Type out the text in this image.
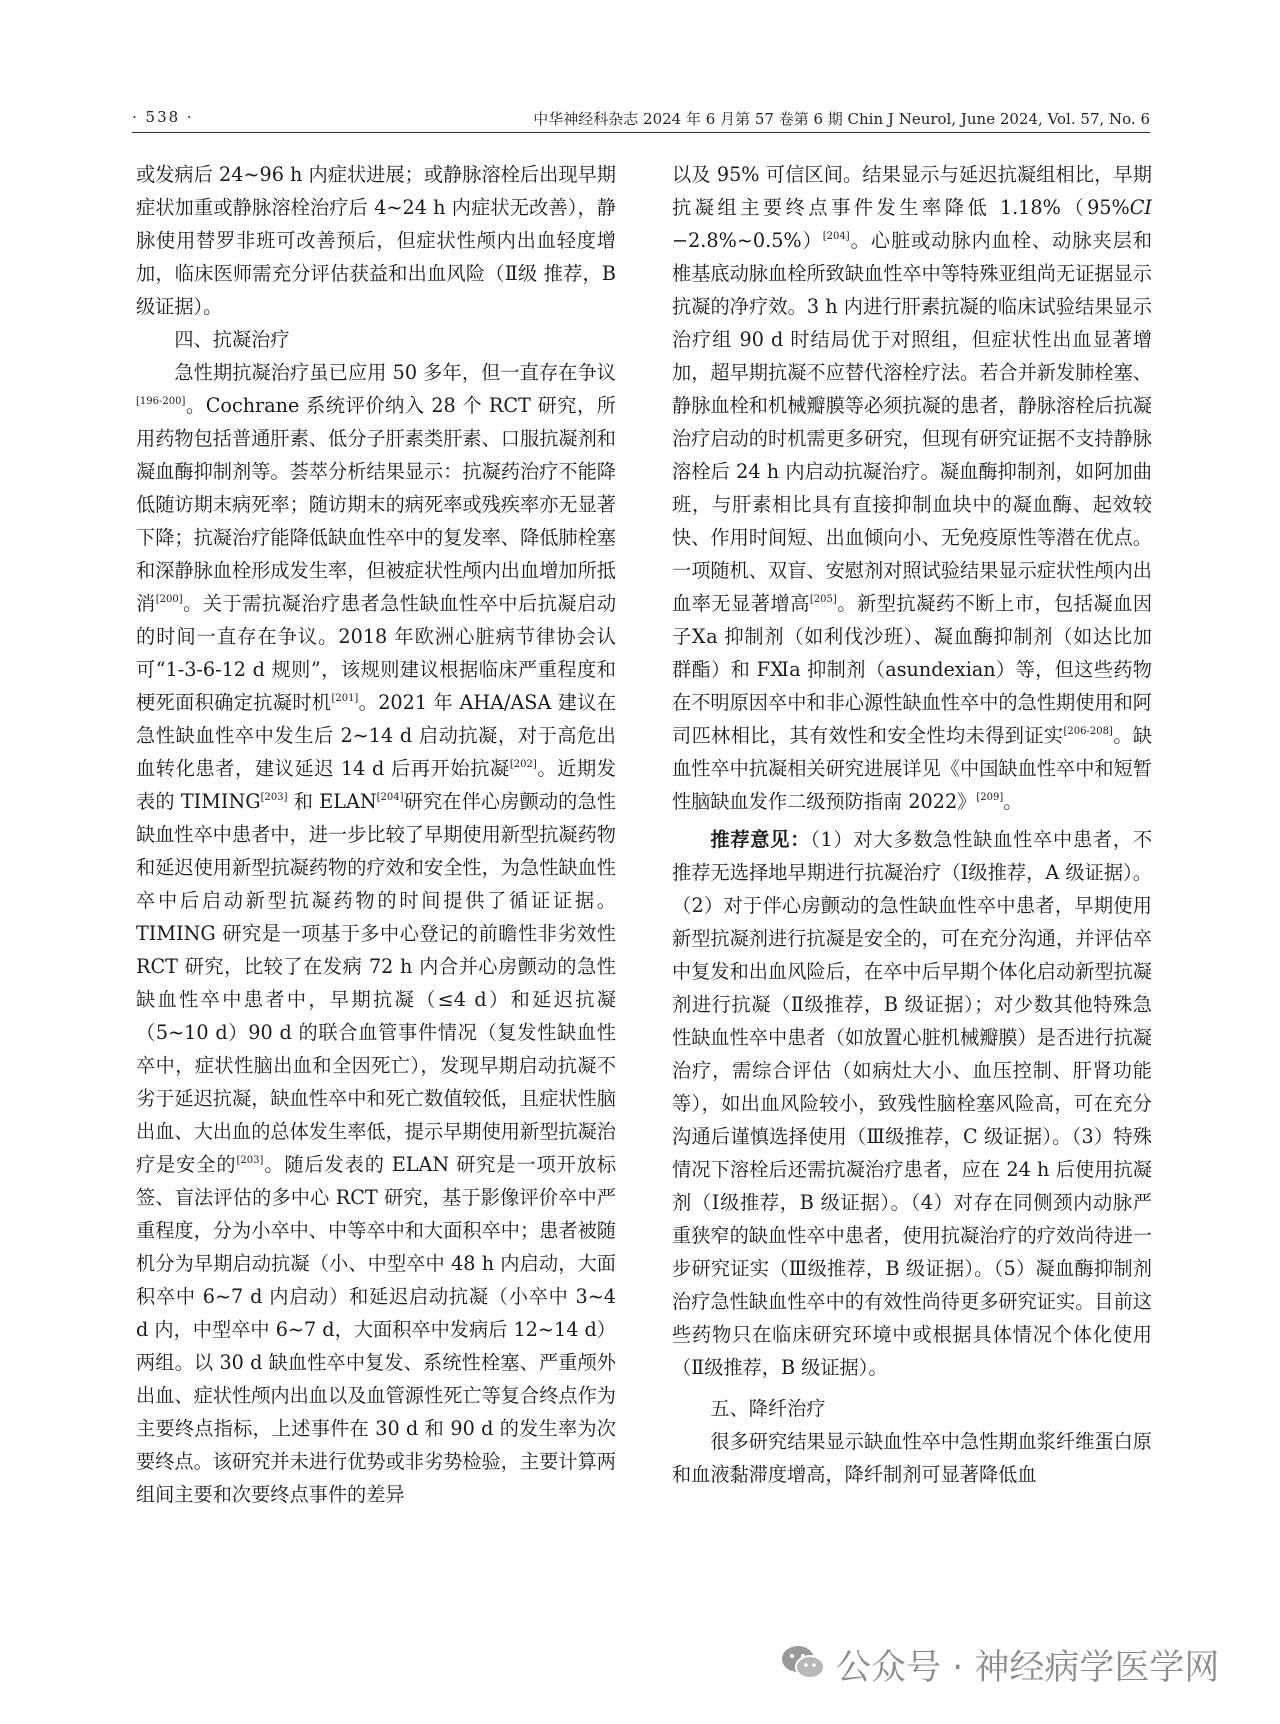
· 538 ·	中华神经科杂志 2024 年 6 月第 57 卷第 6 期 Chin J Neurol, June 2024, Vol. 57, No. 6

或发病后 24~96 h 内症状进展；或静脉溶栓后出现早期症状加重或静脉溶栓治疗后 4~24 h 内症状无改善），静脉使用替罗非班可改善预后，但症状性颅内出血轻度增加，临床医师需充分评估获益和出血风险（Ⅱ级 推荐，B 级证据）。

四、抗凝治疗

急性期抗凝治疗虽已应用 50 多年，但一直存在争议[196-200]。Cochrane 系统评价纳入 28 个 RCT 研究，所用药物包括普通肝素、低分子肝素类肝素、口服抗凝剂和凝血酶抑制剂等。荟萃分析结果显示：抗凝药治疗不能降低随访期末病死率；随访期末的病死率或残疾率亦无显著下降；抗凝治疗能降低缺血性卒中的复发率、降低肺栓塞和深静脉血栓形成发生率，但被症状性颅内出血增加所抵消[200]。关于需抗凝治疗患者急性缺血性卒中后抗凝启动的时间一直存在争议。2018 年欧洲心脏病节律协会认可“1-3-6-12 d 规则”，该规则建议根据临床严重程度和梗死面积确定抗凝时机[201]。2021 年 AHA/ASA 建议在急性缺血性卒中发生后 2~14 d 启动抗凝，对于高危出血转化患者，建议延迟 14 d 后再开始抗凝[202]。近期发表的 TIMING[203] 和 ELAN[204]研究在伴心房颤动的急性缺血性卒中患者中，进一步比较了早期使用新型抗凝药物和延迟使用新型抗凝药物的疗效和安全性，为急性缺血性卒中后启动新型抗凝药物的时间提供了循证证据。TIMING 研究是一项基于多中心登记的前瞻性非劣效性 RCT 研究，比较了在发病 72 h 内合并心房颤动的急性缺血性卒中患者中，早期抗凝（≤4 d）和延迟抗凝（5~10 d）90 d 的联合血管事件情况（复发性缺血性卒中，症状性脑出血和全因死亡），发现早期启动抗凝不劣于延迟抗凝，缺血性卒中和死亡数值较低，且症状性脑出血、大出血的总体发生率低，提示早期使用新型抗凝治疗是安全的[203]。随后发表的 ELAN 研究是一项开放标签、盲法评估的多中心 RCT 研究，基于影像评价卒中严重程度，分为小卒中、中等卒中和大面积卒中；患者被随机分为早期启动抗凝（小、中型卒中 48 h 内启动，大面积卒中 6~7 d 内启动）和延迟启动抗凝（小卒中 3~4 d 内，中型卒中 6~7 d，大面积卒中发病后 12~14 d）两组。以 30 d 缺血性卒中复发、系统性栓塞、严重颅外出血、症状性颅内出血以及血管源性死亡等复合终点作为主要终点指标，上述事件在 30 d 和 90 d 的发生率为次要终点。该研究并未进行优势或非劣势检验，主要计算两组间主要和次要终点事件的差异

以及 95% 可信区间。结果显示与延迟抗凝组相比，早期抗凝组主要终点事件发生率降低 1.18%（95%CI −2.8%~0.5%）[204]。心脏或动脉内血栓、动脉夹层和椎基底动脉血栓所致缺血性卒中等特殊亚组尚无证据显示抗凝的净疗效。3 h 内进行肝素抗凝的临床试验结果显示治疗组 90 d 时结局优于对照组，但症状性出血显著增加，超早期抗凝不应替代溶栓疗法。若合并新发肺栓塞、静脉血栓和机械瓣膜等必须抗凝的患者，静脉溶栓后抗凝治疗启动的时机需更多研究，但现有研究证据不支持静脉溶栓后 24 h 内启动抗凝治疗。凝血酶抑制剂，如阿加曲班，与肝素相比具有直接抑制血块中的凝血酶、起效较快、作用时间短、出血倾向小、无免疫原性等潜在优点。一项随机、双盲、安慰剂对照试验结果显示症状性颅内出血率无显著增高[205]。新型抗凝药不断上市，包括凝血因子Ⅹa 抑制剂（如利伐沙班）、凝血酶抑制剂（如达比加群酯）和 FⅪa 抑制剂（asundexian）等，但这些药物在不明原因卒中和非心源性缺血性卒中的急性期使用和阿司匹林相比，其有效性和安全性均未得到证实[206-208]。缺血性卒中抗凝相关研究进展详见《中国缺血性卒中和短暂性脑缺血发作二级预防指南 2022》[209]。

推荐意见：（1）对大多数急性缺血性卒中患者，不推荐无选择地早期进行抗凝治疗（Ⅰ级推荐，A 级证据）。（2）对于伴心房颤动的急性缺血性卒中患者，早期使用新型抗凝剂进行抗凝是安全的，可在充分沟通，并评估卒中复发和出血风险后，在卒中后早期个体化启动新型抗凝剂进行抗凝（Ⅱ级推荐，B 级证据）；对少数其他特殊急性缺血性卒中患者（如放置心脏机械瓣膜）是否进行抗凝治疗，需综合评估（如病灶大小、血压控制、肝肾功能等），如出血风险较小，致残性脑栓塞风险高，可在充分沟通后谨慎选择使用（Ⅲ级推荐，C 级证据）。（3）特殊情况下溶栓后还需抗凝治疗患者，应在 24 h 后使用抗凝剂（Ⅰ级推荐，B 级证据）。（4）对存在同侧颈内动脉严重狭窄的缺血性卒中患者，使用抗凝治疗的疗效尚待进一步研究证实（Ⅲ级推荐，B 级证据）。（5）凝血酶抑制剂治疗急性缺血性卒中的有效性尚待更多研究证实。目前这些药物只在临床研究环境中或根据具体情况个体化使用（Ⅱ级推荐，B 级证据）。

五、降纤治疗

很多研究结果显示缺血性卒中急性期血浆纤维蛋白原和血液黏滞度增高，降纤制剂可显著降低血

公众号 · 神经病学医学网
